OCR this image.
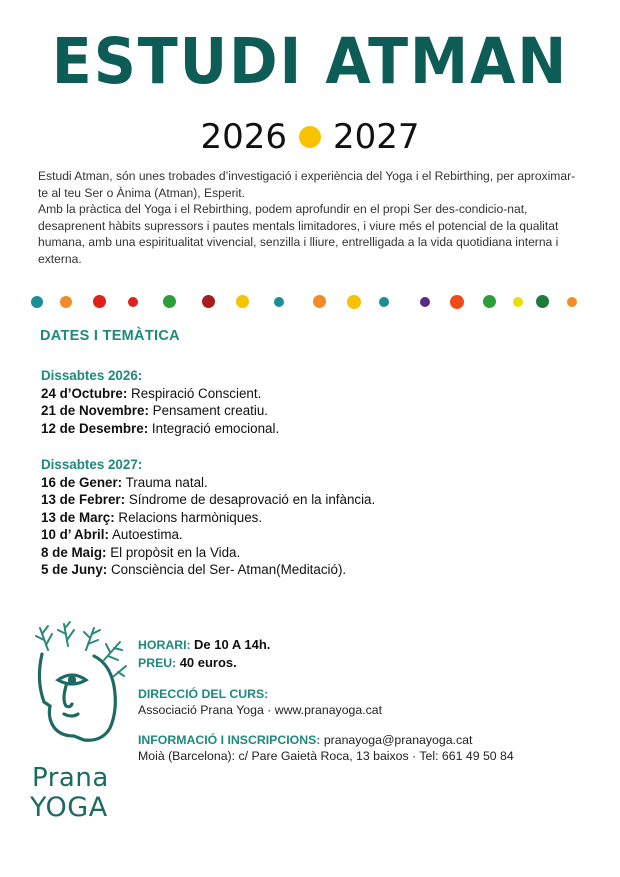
ESTUDI ATMAN
2026 2027

Estudi Atman, són unes trobades d’investigació i experiència del Yoga i el Rebirthing, per aproximar-te al teu Ser o Ànima (Atman), Esperit.

Amb la pràctica del Yoga i el Rebirthing, podem aprofundir en el propi Ser des-condicio-nat, desaprenent hàbits supressors i pautes mentals limitadores, i viure més el potencial de la qualitat humana, amb una espiritualitat vivencial, senzilla i lliure, entrelligada a la vida quotidiana interna i externa.

DATES I TEMÀTICA
Dissabtes 2026:
24 d’Octubre: Respiració Conscient.
21 de Novembre: Pensament creatiu.
12 de Desembre: Integració emocional.
Dissabtes 2027:
16 de Gener: Trauma natal.
13 de Febrer: Síndrome de desaprovació en la infància.
13 de Març: Relacions harmòniques.
10 d’ Abril: Autoestima.
8 de Maig: El propòsit en la Vida.
5 de Juny: Consciència del Ser- Atman(Meditació).
Prana
YOGA
HORARI: De 10 A 14h.
PREU: 40 euros.
DIRECCIÓ DEL CURS:
Associació Prana Yoga · www.pranayoga.cat
INFORMACIÓ I INSCRIPCIONS: pranayoga@pranayoga.cat
Moià (Barcelona): c/ Pare Gaietà Roca, 13 baixos · Tel: 661 49 50 84
